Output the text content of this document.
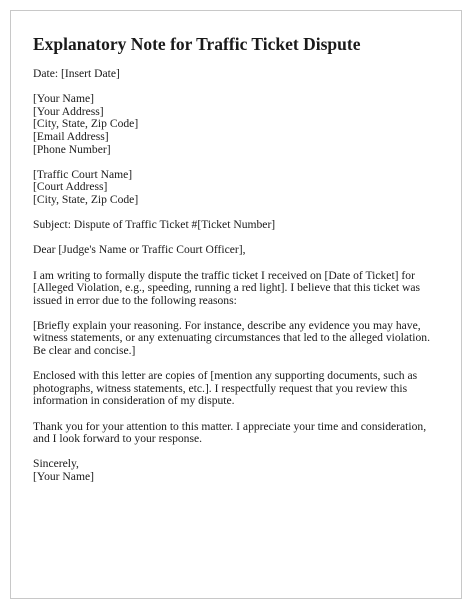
Explanatory Note for Traffic Ticket Dispute
Date: [Insert Date]
[Your Name]
[Your Address]
[City, State, Zip Code]
[Email Address]
[Phone Number]
[Traffic Court Name]
[Court Address]
[City, State, Zip Code]
Subject: Dispute of Traffic Ticket #[Ticket Number]
Dear [Judge's Name or Traffic Court Officer],

I am writing to formally dispute the traffic ticket I received on [Date of Ticket] for [Alleged Violation, e.g., speeding, running a red light]. I believe that this ticket was issued in error due to the following reasons:

[Briefly explain your reasoning. For instance, describe any evidence you may have, witness statements, or any extenuating circumstances that led to the alleged violation. Be clear and concise.]

Enclosed with this letter are copies of [mention any supporting documents, such as photographs, witness statements, etc.]. I respectfully request that you review this information in consideration of my dispute.

Thank you for your attention to this matter. I appreciate your time and consideration, and I look forward to your response.

Sincerely,
[Your Name]
